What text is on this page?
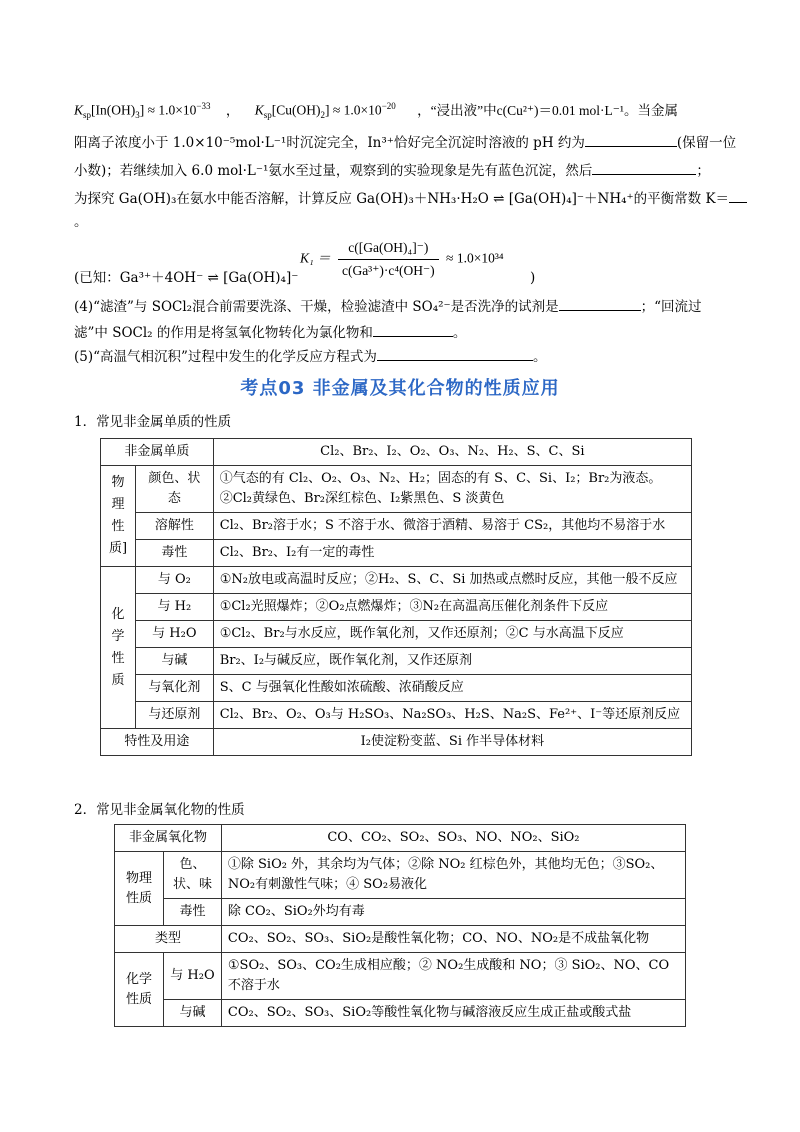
$K_{sp}[In(OH)_3] \approx 1.0\times 10^{-33}$ ， $K_{sp}[Cu(OH)_2] \approx 1.0\times 10^{-20}$ ，“浸出液”中c(Cu²⁺)＝0.01 mol·L⁻¹。当金属
阳离子浓度小于 1.0×10⁻⁵mol·L⁻¹时沉淀完全，In³⁺恰好完全沉淀时溶液的 pH 约为	(保留一位
小数)；若继续加入 6.0 mol·L⁻¹氨水至过量，观察到的实验现象是先有蓝色沉淀，然后	；
为探究 Ga(OH)₃在氨水中能否溶解，计算反应 Ga(OH)₃＋NH₃·H₂O ⇌ [Ga(OH)₄]⁻＋NH₄⁺的平衡常数 K＝
。
$K_1 = \frac{\text{c([Ga(OH)₄]⁻)}}{\text{c(Ga³⁺)·c⁴(OH⁻)}} \approx 1.0\times 10^{34}$
(已知：Ga³⁺＋4OH⁻ ⇌ [Ga(OH)₄]⁻	)
(4)“滤渣”与 SOCl₂混合前需要洗涤、干燥，检验滤渣中 SO₄²⁻是否洗净的试剂是	；“回流过
滤”中 SOCl₂ 的作用是将氢氧化物转化为氯化物和	。
(5)“高温气相沉积”过程中发生的化学反应方程式为	。
考点03 非金属及其化合物的性质应用
1．常见非金属单质的性质
非金属单质		Cl₂、Br₂、I₂、O₂、O₃、N₂、H₂、S、C、Si
物
理
性
质]	颜色、状态	①气态的有 Cl₂、O₂、O₃、N₂、H₂；固态的有 S、C、Si、I₂；Br₂为液态。②Cl₂黄绿色、Br₂深红棕色、I₂紫黑色、S 淡黄色
	溶解性	Cl₂、Br₂溶于水；S 不溶于水、微溶于酒精、易溶于 CS₂，其他均不易溶于水
	毒性	Cl₂、Br₂、I₂有一定的毒性
化
学
性
质	与 O₂	①N₂放电或高温时反应；②H₂、S、C、Si 加热或点燃时反应，其他一般不反应
	与 H₂	①Cl₂光照爆炸；②O₂点燃爆炸；③N₂在高温高压催化剂条件下反应
	与 H₂O	①Cl₂、Br₂与水反应，既作氧化剂，又作还原剂；②C 与水高温下反应
	与碱	Br₂、I₂与碱反应，既作氧化剂，又作还原剂
	与氧化剂	S、C 与强氧化性酸如浓硫酸、浓硝酸反应
	与还原剂	Cl₂、Br₂、O₂、O₃与 H₂SO₃、Na₂SO₃、H₂S、Na₂S、Fe²⁺、I⁻等还原剂反应
特性及用途		I₂使淀粉变蓝、Si 作半导体材料
2．常见非金属氧化物的性质
非金属氧化物		CO、CO₂、SO₂、SO₃、NO、NO₂、SiO₂
物理
性质	色、
状、味	①除 SiO₂ 外，其余均为气体；②除 NO₂ 红棕色外，其他均无色；③SO₂、NO₂有刺激性气味；④ SO₂易液化
	毒性	除 CO₂、SiO₂外均有毒
类型		CO₂、SO₂、SO₃、SiO₂是酸性氧化物；CO、NO、NO₂是不成盐氧化物
化学
性质	与 H₂O	①SO₂、SO₃、CO₂生成相应酸；② NO₂生成酸和 NO；③ SiO₂、NO、CO 不溶于水
	与碱	CO₂、SO₂、SO₃、SiO₂等酸性氧化物与碱溶液反应生成正盐或酸式盐
